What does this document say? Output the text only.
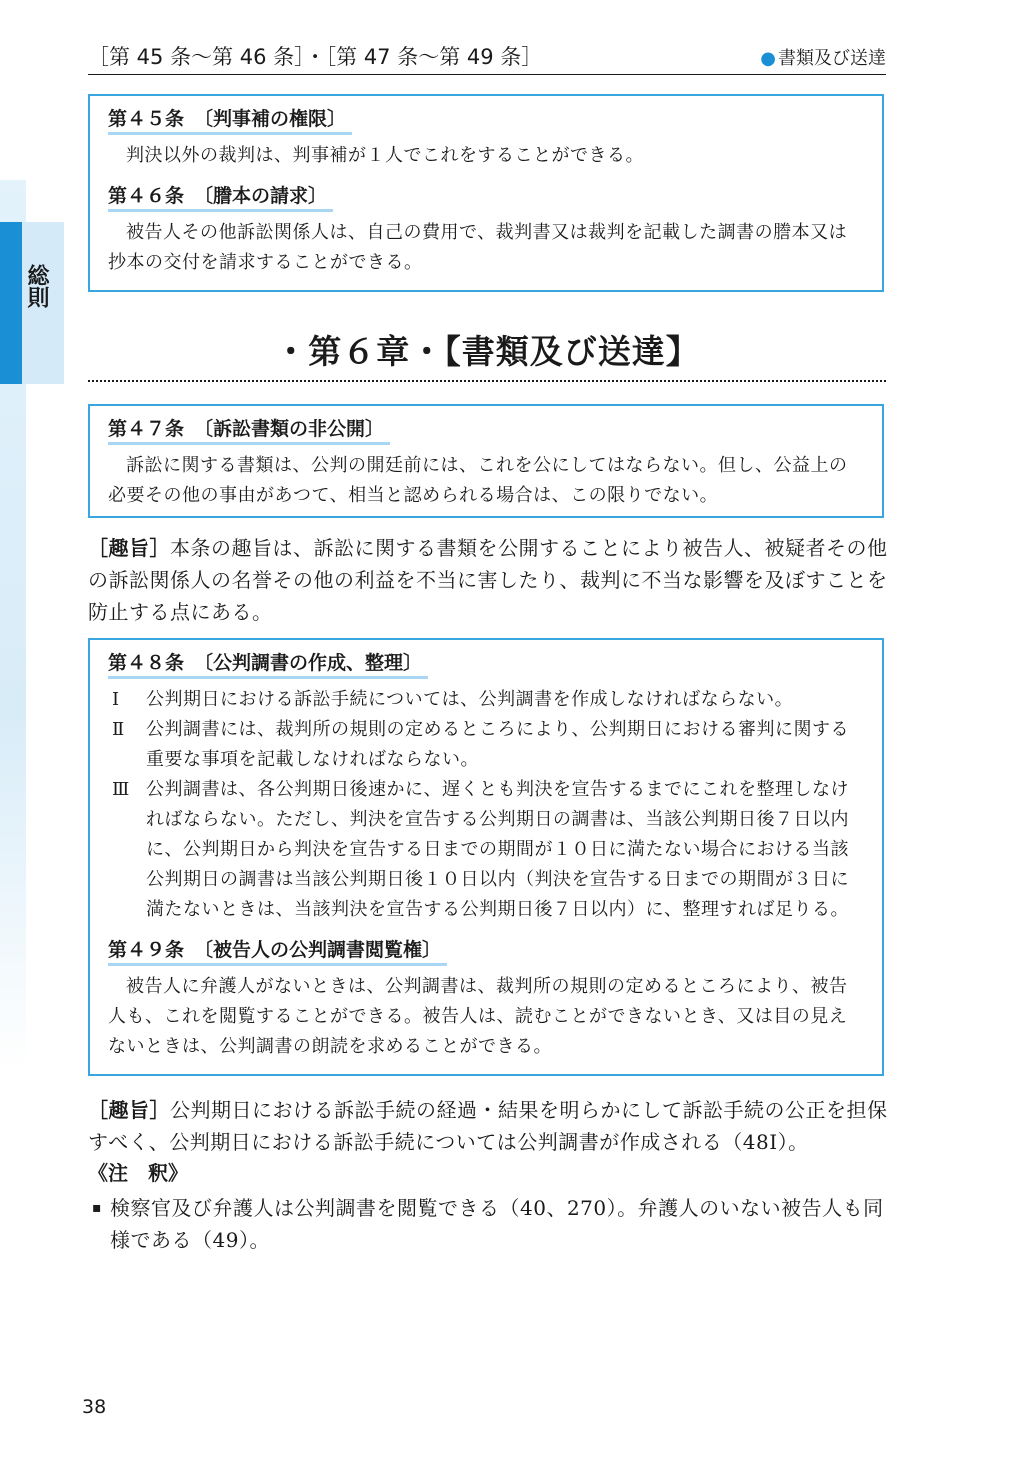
総則
［第 45 条〜第 46 条］・［第 47 条〜第 49 条］	● 書類及び送達
第４５条 〔判事補の権限〕

判決以外の裁判は、判事補が１人でこれをすることができる。

第４６条 〔謄本の請求〕

被告人その他訴訟関係人は、自己の費用で、裁判書又は裁判を記載した調書の謄本又は抄本の交付を請求することができる。

・第６章・【書類及び送達】
第４７条 〔訴訟書類の非公開〕

訴訟に関する書類は、公判の開廷前には、これを公にしてはならない。但し、公益上の必要その他の事由があつて、相当と認められる場合は、この限りでない。

［趣旨］本条の趣旨は、訴訟に関する書類を公開することにより被告人、被疑者その他の訴訟関係人の名誉その他の利益を不当に害したり、裁判に不当な影響を及ぼすことを防止する点にある。

第４８条 〔公判調書の作成、整理〕
Ⅰ	公判期日における訴訟手続については、公判調書を作成しなければならない。
Ⅱ	公判調書には、裁判所の規則の定めるところにより、公判期日における審判に関する重要な事項を記載しなければならない。
Ⅲ 公判調書は、各公判期日後速かに、遅くとも判決を宣告するまでにこれを整理しなければならない。ただし、判決を宣告する公判期日の調書は、当該公判期日後７日以内に、公判期日から判決を宣告する日までの期間が１０日に満たない場合における当該公判期日の調書は当該公判期日後１０日以内（判決を宣告する日までの期間が３日に満たないときは、当該判決を宣告する公判期日後７日以内）に、整理すれば足りる。
第４９条 〔被告人の公判調書閲覧権〕

被告人に弁護人がないときは、公判調書は、裁判所の規則の定めるところにより、被告人も、これを閲覧することができる。被告人は、読むことができないとき、又は目の見えないときは、公判調書の朗読を求めることができる。

［趣旨］公判期日における訴訟手続の経過・結果を明らかにして訴訟手続の公正を担保すべく、公判期日における訴訟手続については公判調書が作成される（48Ⅰ）。

《注　釈》
▪ 検察官及び弁護人は公判調書を閲覧できる（40、270）。弁護人のいない被告人も同様である（49）。
38
